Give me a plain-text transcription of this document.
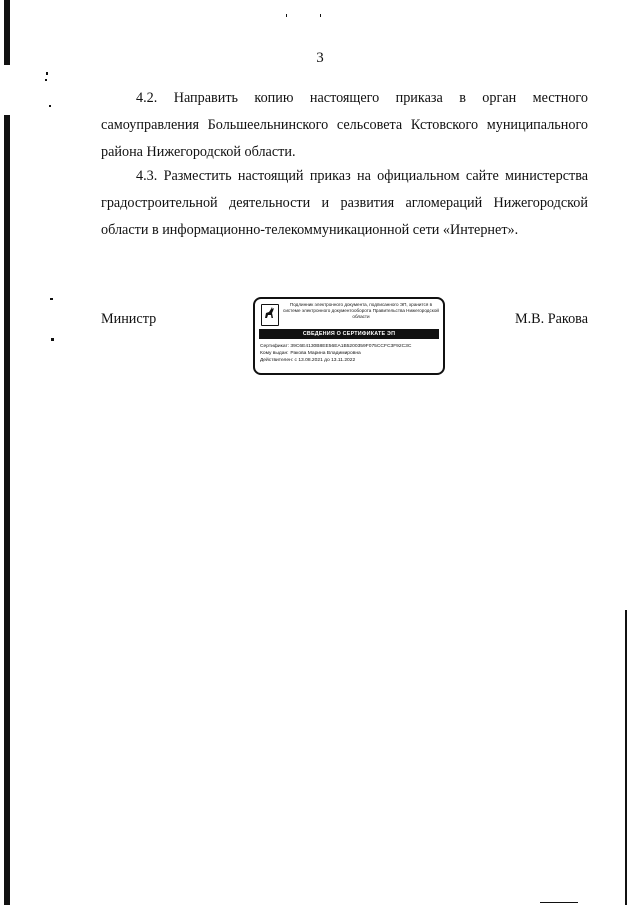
3

4.2. Направить копию настоящего приказа в орган местного самоуправления Большеельнинского сельсовета Кстовского муниципального района Нижегородской области.

4.3. Разместить настоящий приказ на официальном сайте министерства градостроительной деятельности и развития агломераций Нижегородской области в информационно-телекоммуникационной сети «Интернет».

Министр
Подлинник электронного документа, подписанного ЭП, хранится в системе электронного документооборота Правительства Нижегородской области
СВЕДЕНИЯ О СЕРТИФИКАТЕ ЭП
Сертификат: 39C6E4130B8EE56EA1B5200359F075CCFC3F92C3C
Кому выдан: Ракова Марина Владимировна
Действителен: с 13.08.2021 до 13.11.2022
М.В. Ракова
